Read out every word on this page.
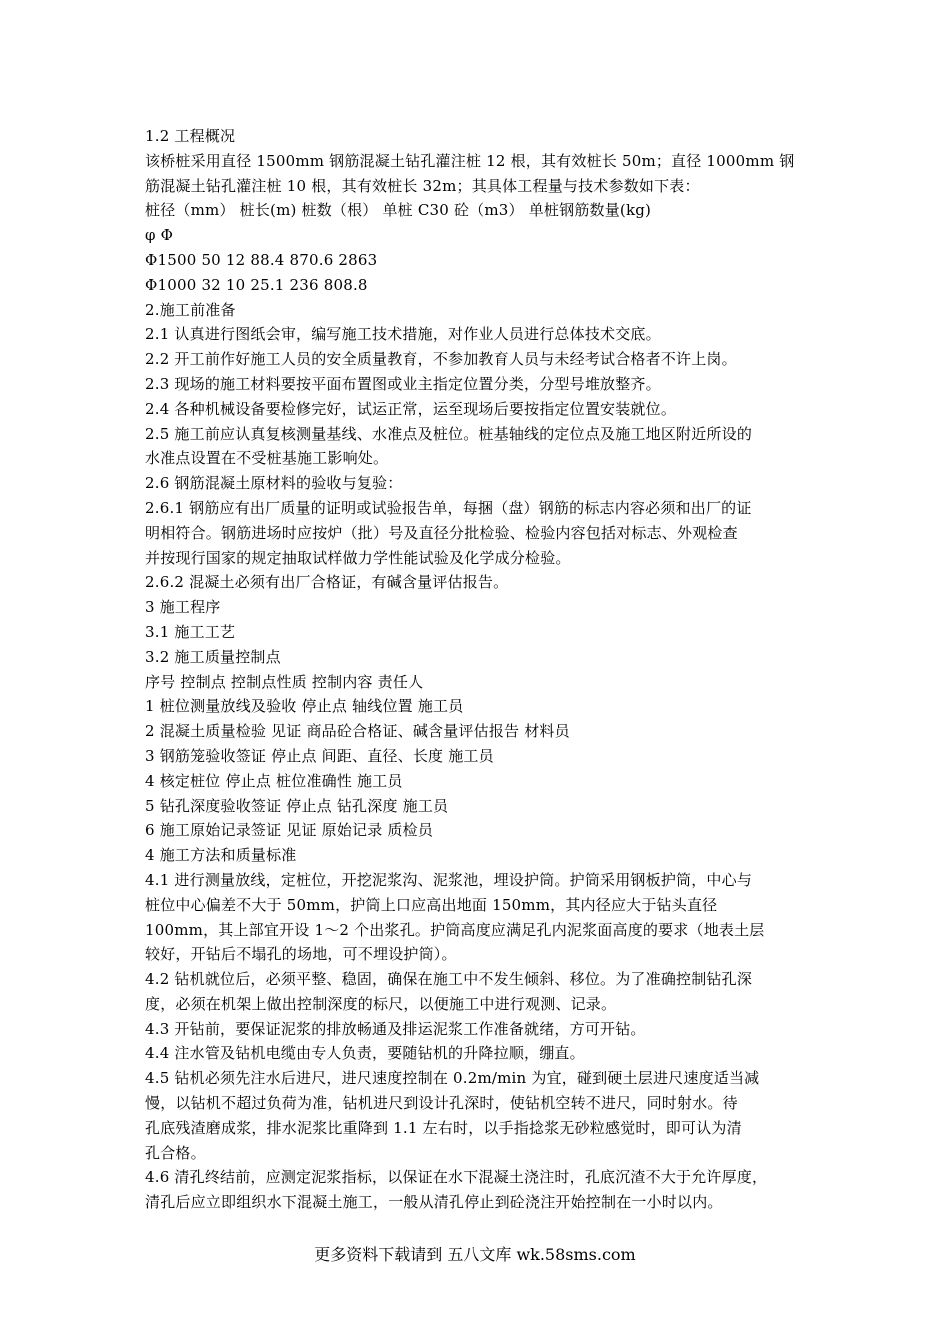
1.2 工程概况
该桥桩采用直径 1500mm 钢筋混凝土钻孔灌注桩 12 根，其有效桩长 50m；直径 1000mm 钢
筋混凝土钻孔灌注桩 10 根，其有效桩长 32m；其具体工程量与技术参数如下表：
桩径（mm） 桩长(m) 桩数（根） 单桩 C30 砼（m3） 单桩钢筋数量(kg)
φ Φ
Φ1500 50 12 88.4 870.6 2863
Φ1000 32 10 25.1 236 808.8
2.施工前准备
2.1 认真进行图纸会审，编写施工技术措施，对作业人员进行总体技术交底。
2.2 开工前作好施工人员的安全质量教育，不参加教育人员与未经考试合格者不许上岗。
2.3 现场的施工材料要按平面布置图或业主指定位置分类，分型号堆放整齐。
2.4 各种机械设备要检修完好，试运正常，运至现场后要按指定位置安装就位。
2.5 施工前应认真复核测量基线、水准点及桩位。桩基轴线的定位点及施工地区附近所设的
水准点设置在不受桩基施工影响处。
2.6 钢筋混凝土原材料的验收与复验：
2.6.1 钢筋应有出厂质量的证明或试验报告单，每捆（盘）钢筋的标志内容必须和出厂的证
明相符合。钢筋进场时应按炉（批）号及直径分批检验、检验内容包括对标志、外观检查
并按现行国家的规定抽取试样做力学性能试验及化学成分检验。
2.6.2 混凝土必须有出厂合格证，有碱含量评估报告。
3 施工程序
3.1 施工工艺
3.2 施工质量控制点
序号 控制点 控制点性质 控制内容 责任人
1 桩位测量放线及验收 停止点 轴线位置 施工员
2 混凝土质量检验 见证 商品砼合格证、碱含量评估报告 材料员
3 钢筋笼验收签证 停止点 间距、直径、长度 施工员
4 核定桩位 停止点 桩位准确性 施工员
5 钻孔深度验收签证 停止点 钻孔深度 施工员
6 施工原始记录签证 见证 原始记录 质检员
4 施工方法和质量标准
4.1 进行测量放线，定桩位，开挖泥浆沟、泥浆池，埋设护筒。护筒采用钢板护筒，中心与
桩位中心偏差不大于 50mm，护筒上口应高出地面 150mm，其内径应大于钻头直径
100mm，其上部宜开设 1～2 个出浆孔。护筒高度应满足孔内泥浆面高度的要求（地表土层
较好，开钻后不塌孔的场地，可不埋设护筒）。
4.2 钻机就位后，必须平整、稳固，确保在施工中不发生倾斜、移位。为了准确控制钻孔深
度，必须在机架上做出控制深度的标尺，以便施工中进行观测、记录。
4.3 开钻前，要保证泥浆的排放畅通及排运泥浆工作准备就绪，方可开钻。
4.4 注水管及钻机电缆由专人负责，要随钻机的升降拉顺，绷直。
4.5 钻机必须先注水后进尺，进尺速度控制在 0.2m/min 为宜，碰到硬土层进尺速度适当减
慢，以钻机不超过负荷为准，钻机进尺到设计孔深时，使钻机空转不进尺，同时射水。待
孔底残渣磨成浆，排水泥浆比重降到 1.1 左右时，以手指捻浆无砂粒感觉时，即可认为清
孔合格。
4.6 清孔终结前，应测定泥浆指标，以保证在水下混凝土浇注时，孔底沉渣不大于允许厚度，
清孔后应立即组织水下混凝土施工，一般从清孔停止到砼浇注开始控制在一小时以内。
更多资料下载请到 五八文库 wk.58sms.com
